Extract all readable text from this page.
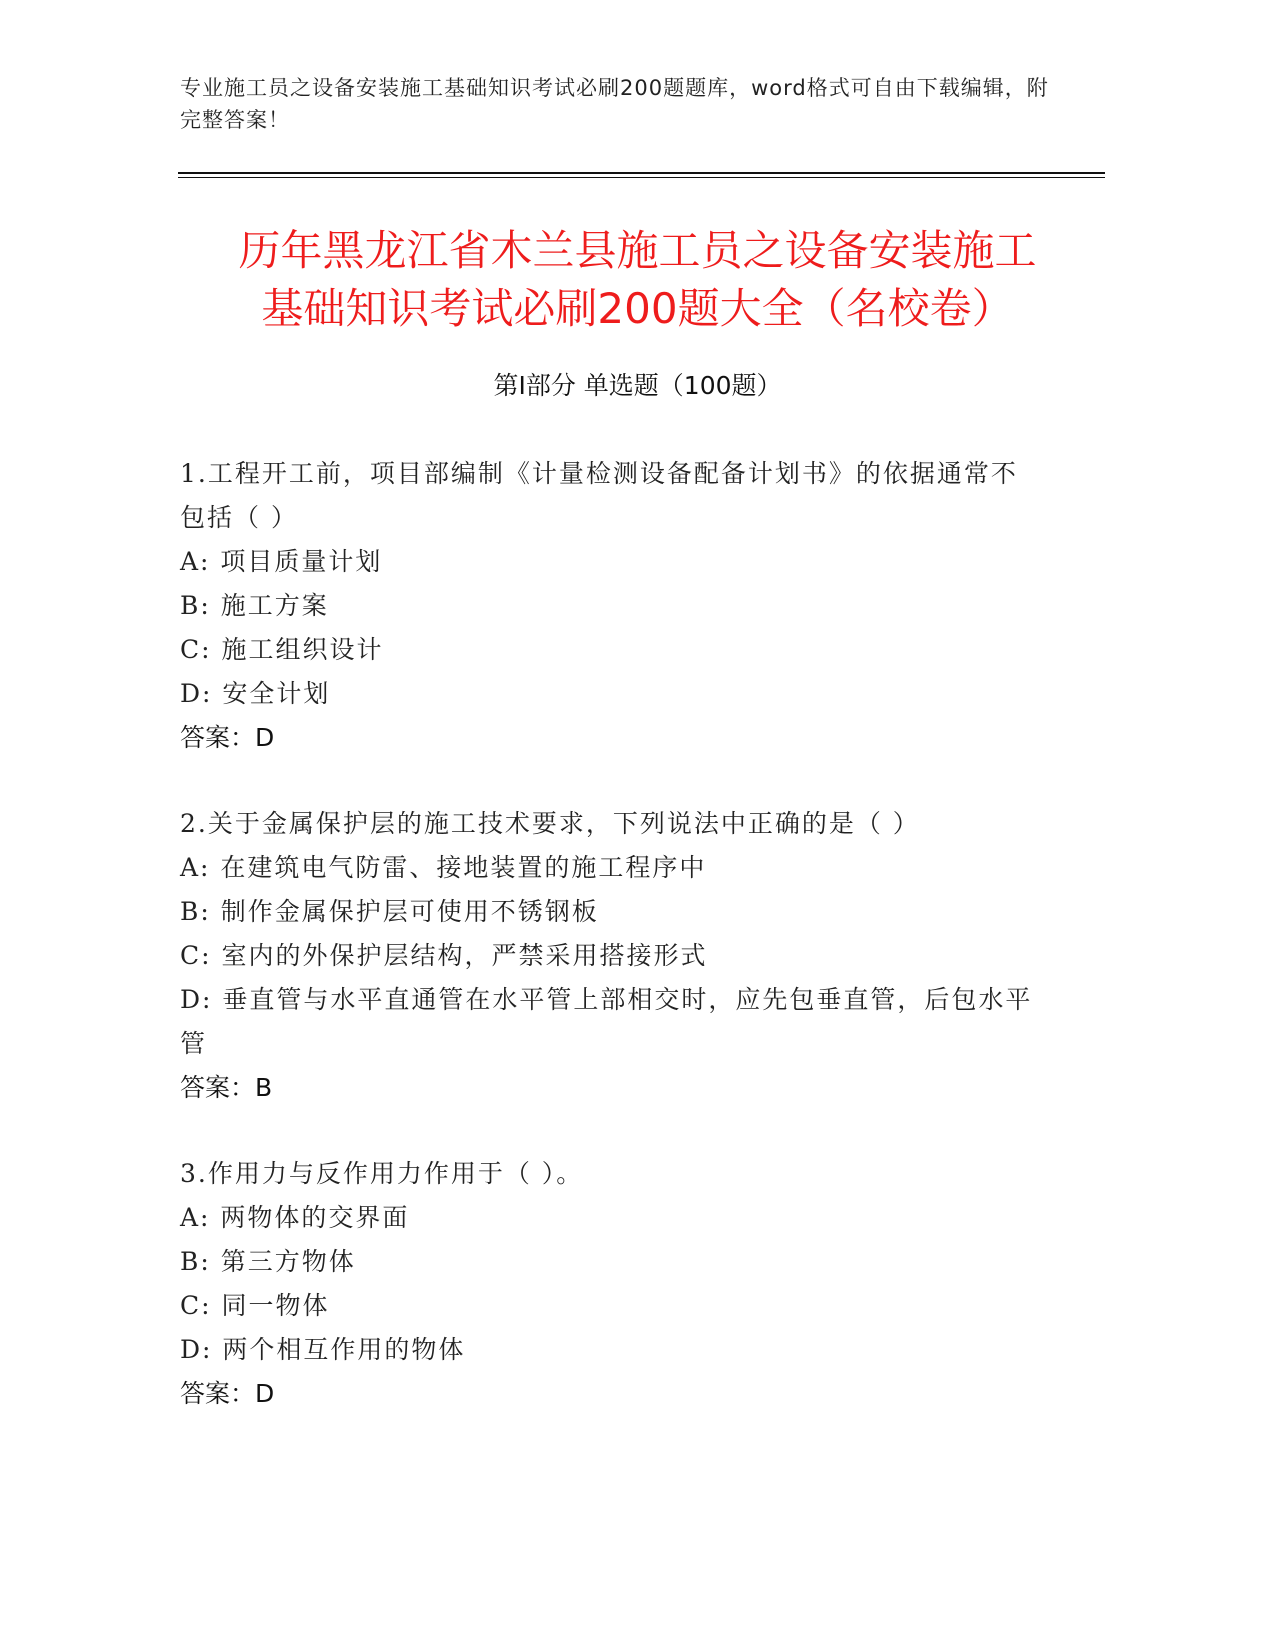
专业施工员之设备安装施工基础知识考试必刷200题题库，word格式可自由下载编辑，附完整答案！
历年黑龙江省木兰县施工员之设备安装施工
基础知识考试必刷200题大全（名校卷）
第Ⅰ部分 单选题（100题）
1.工程开工前，项目部编制《计量检测设备配备计划书》的依据通常不包括（ ）
A: 项目质量计划
B: 施工方案
C: 施工组织设计
D: 安全计划
答案：D
2.关于金属保护层的施工技术要求，下列说法中正确的是（ ）
A: 在建筑电气防雷、接地装置的施工程序中
B: 制作金属保护层可使用不锈钢板
C: 室内的外保护层结构，严禁采用搭接形式
D: 垂直管与水平直通管在水平管上部相交时，应先包垂直管，后包水平管
答案：B
3.作用力与反作用力作用于（ ）。
A: 两物体的交界面
B: 第三方物体
C: 同一物体
D: 两个相互作用的物体
答案：D
